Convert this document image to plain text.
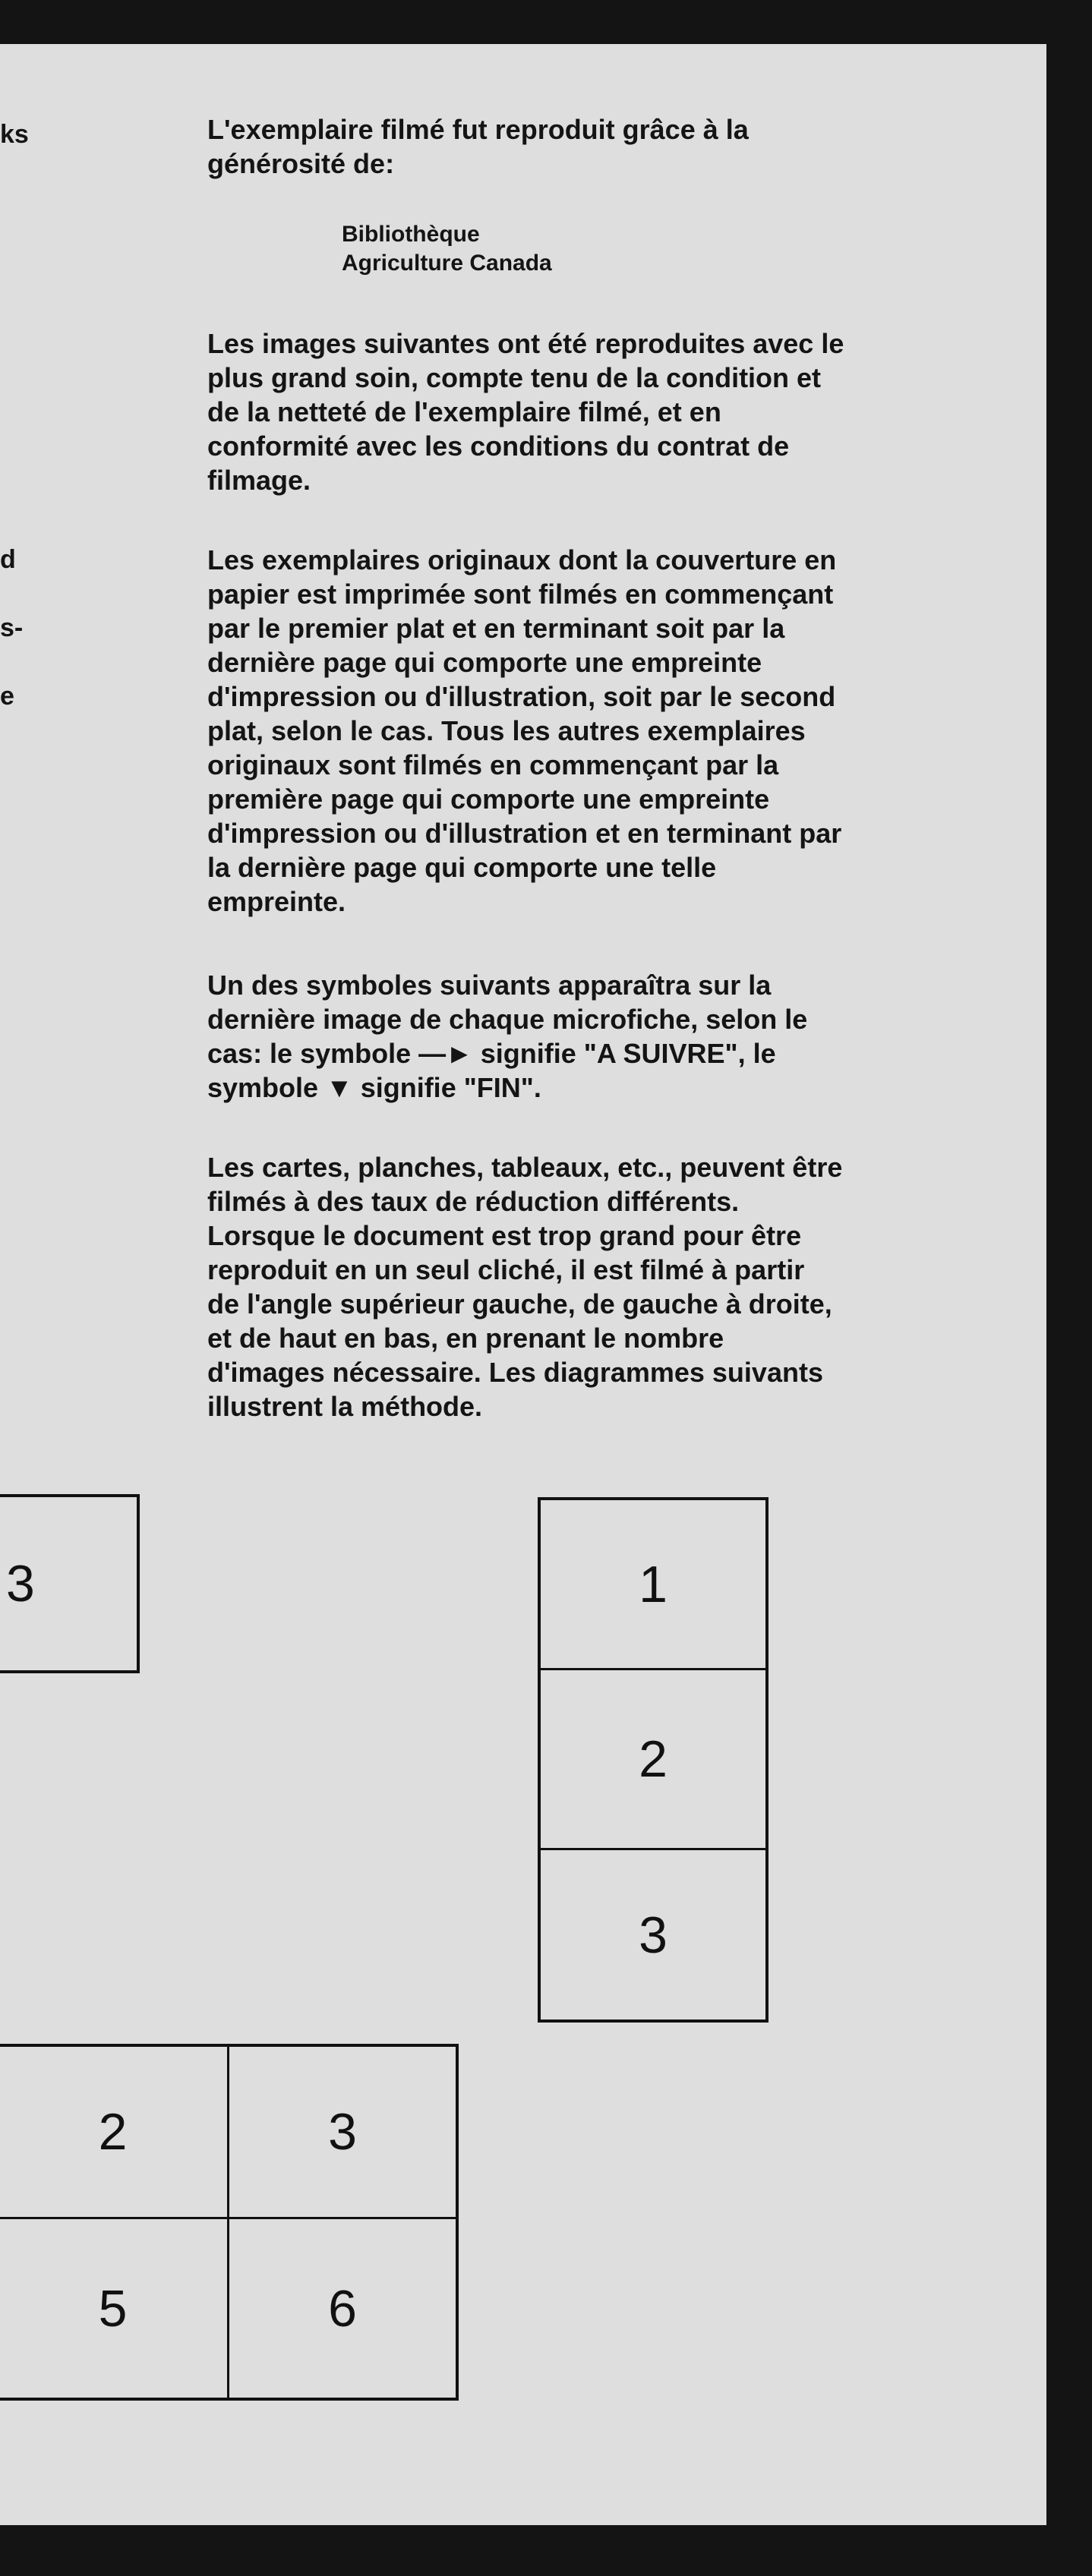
ks
d
s-
e

L'exemplaire filmé fut reproduit grâce à la
générosité de:

Bibliothèque
Agriculture Canada

Les images suivantes ont été reproduites avec le
plus grand soin, compte tenu de la condition et
de la netteté de l'exemplaire filmé, et en
conformité avec les conditions du contrat de
filmage.

Les exemplaires originaux dont la couverture en
papier est imprimée sont filmés en commençant
par le premier plat et en terminant soit par la
dernière page qui comporte une empreinte
d'impression ou d'illustration, soit par le second
plat, selon le cas. Tous les autres exemplaires
originaux sont filmés en commençant par la
première page qui comporte une empreinte
d'impression ou d'illustration et en terminant par
la dernière page qui comporte une telle
empreinte.

Un des symboles suivants apparaîtra sur la
dernière image de chaque microfiche, selon le
cas: le symbole —► signifie "A SUIVRE", le
symbole ▼ signifie "FIN".

Les cartes, planches, tableaux, etc., peuvent être
filmés à des taux de réduction différents.
Lorsque le document est trop grand pour être
reproduit en un seul cliché, il est filmé à partir
de l'angle supérieur gauche, de gauche à droite,
et de haut en bas, en prenant le nombre
d'images nécessaire. Les diagrammes suivants
illustrent la méthode.

3	1
2
3
2	3
5	6
